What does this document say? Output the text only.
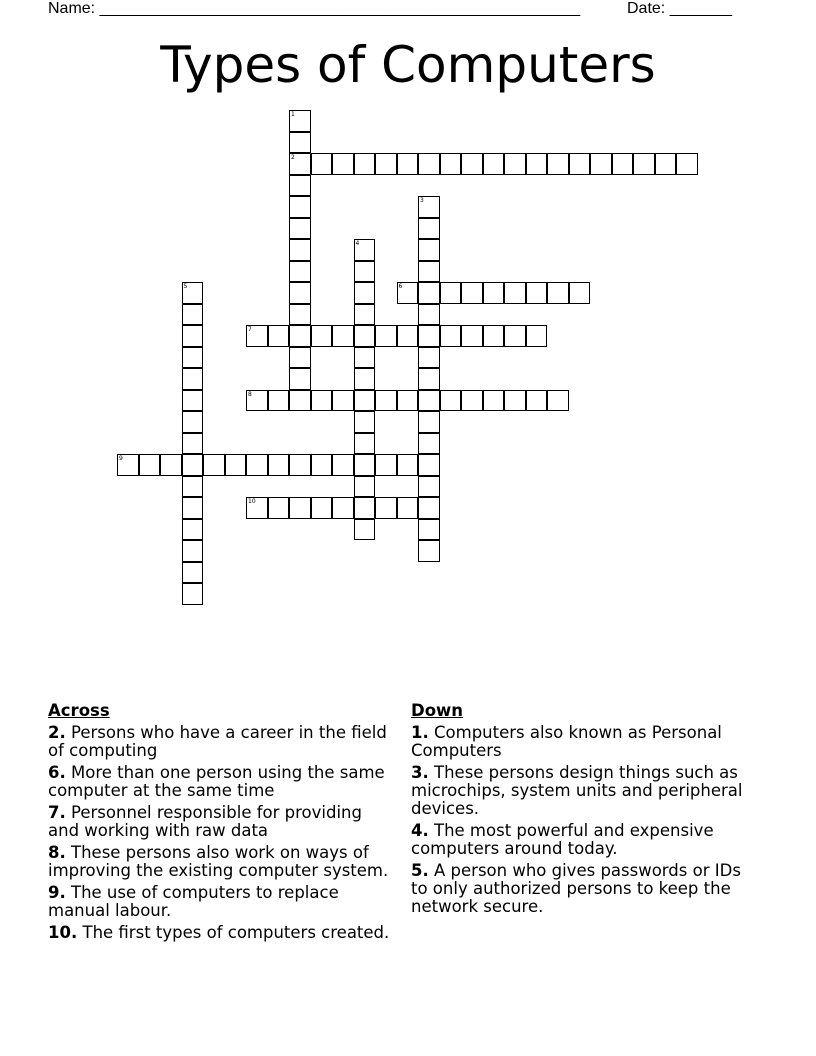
Name: ______________________________________________________	Date: _______
Types of Computers
1
2
3
4
5	6
7
8
9
10
Across
2. Persons who have a career in the field of computing
6. More than one person using the same computer at the same time
7. Personnel responsible for providing and working with raw data
8. These persons also work on ways of improving the existing computer system.
9. The use of computers to replace manual labour.
10. The first types of computers created.
Down
1. Computers also known as Personal Computers
3. These persons design things such as microchips, system units and peripheral devices.
4. The most powerful and expensive computers around today.
5. A person who gives passwords or IDs to only authorized persons to keep the network secure.
